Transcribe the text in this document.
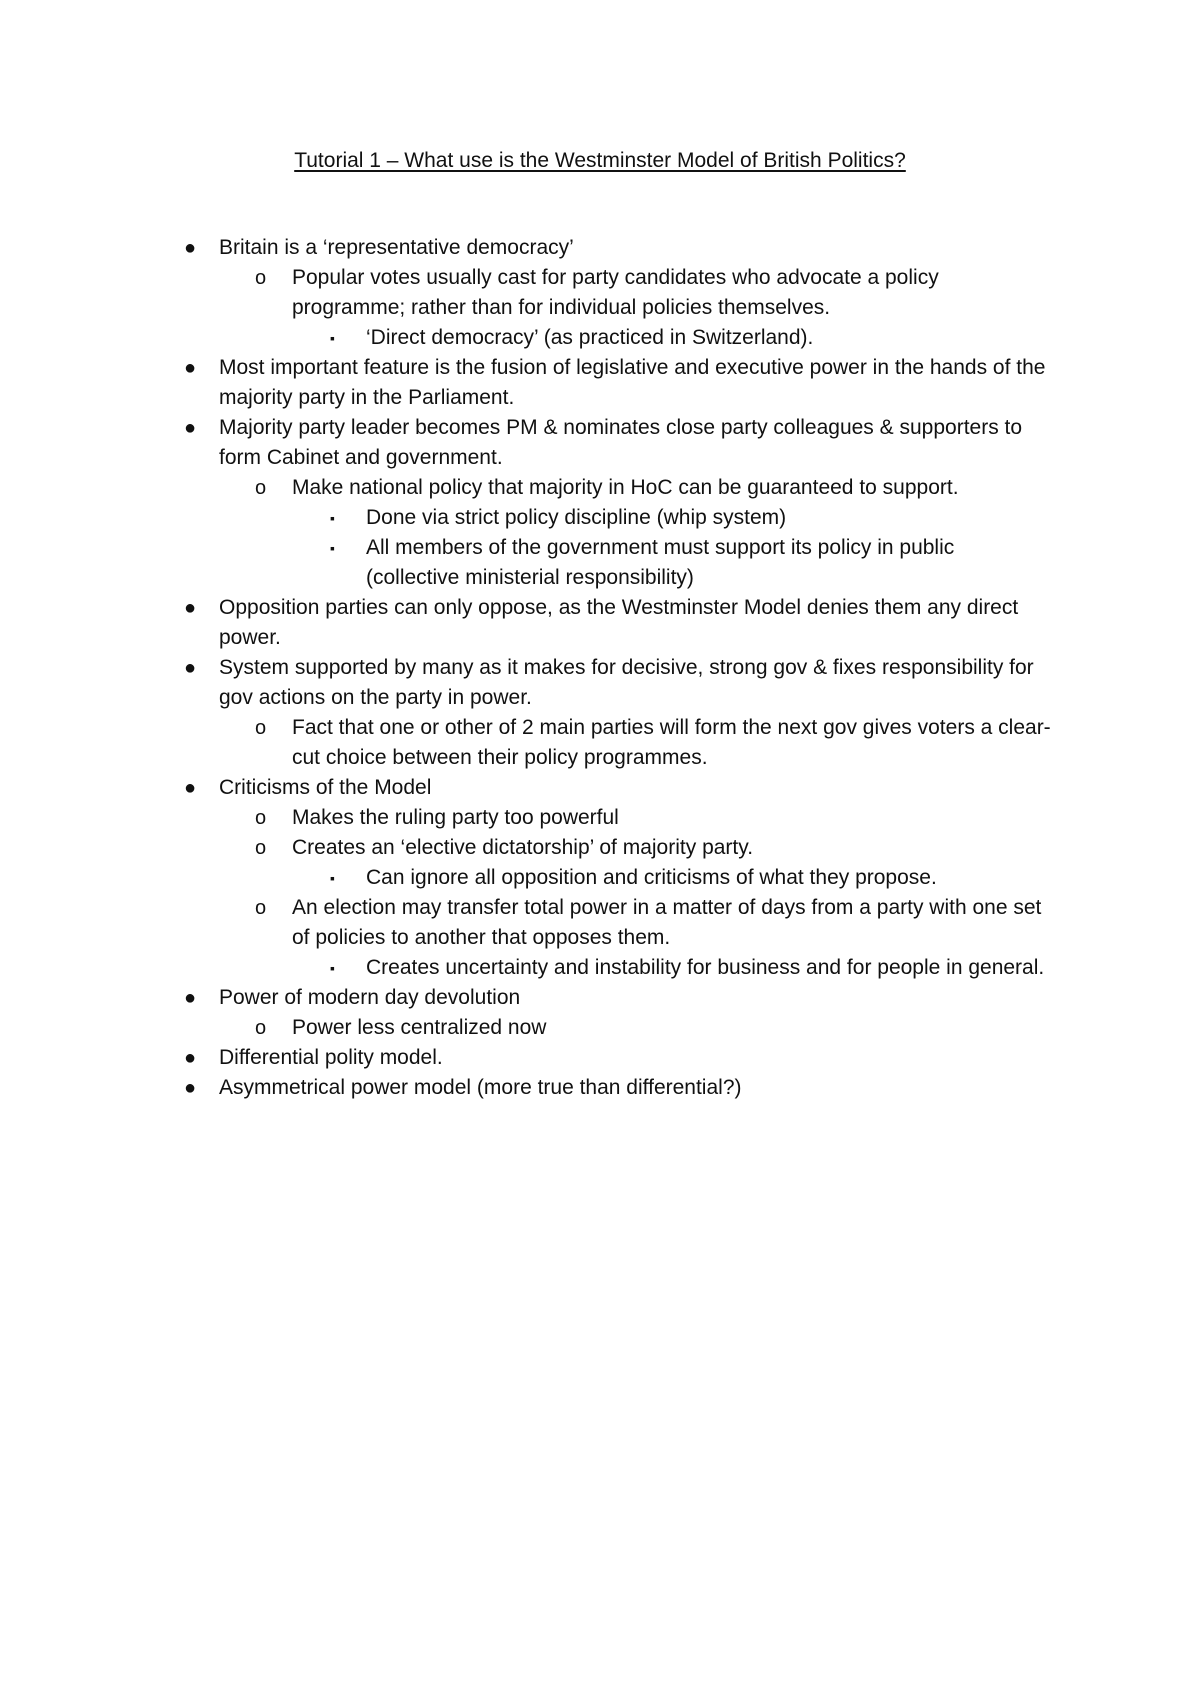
Tutorial 1 – What use is the Westminster Model of British Politics?
● Britain is a ‘representative democracy’
o Popular votes usually cast for party candidates who advocate a policy programme; rather than for individual policies themselves.
▪ ‘Direct democracy’ (as practiced in Switzerland).
● Most important feature is the fusion of legislative and executive power in the hands of the majority party in the Parliament.
● Majority party leader becomes PM & nominates close party colleagues & supporters to form Cabinet and government.
o Make national policy that majority in HoC can be guaranteed to support.
▪ Done via strict policy discipline (whip system)
▪ All members of the government must support its policy in public (collective ministerial responsibility)
● Opposition parties can only oppose, as the Westminster Model denies them any direct power.
● System supported by many as it makes for decisive, strong gov & fixes responsibility for gov actions on the party in power.
o Fact that one or other of 2 main parties will form the next gov gives voters a clear-cut choice between their policy programmes.
● Criticisms of the Model
o Makes the ruling party too powerful
o Creates an ‘elective dictatorship’ of majority party.
▪ Can ignore all opposition and criticisms of what they propose.
o An election may transfer total power in a matter of days from a party with one set of policies to another that opposes them.
▪ Creates uncertainty and instability for business and for people in general.
● Power of modern day devolution
o Power less centralized now
● Differential polity model.
● Asymmetrical power model (more true than differential?)
